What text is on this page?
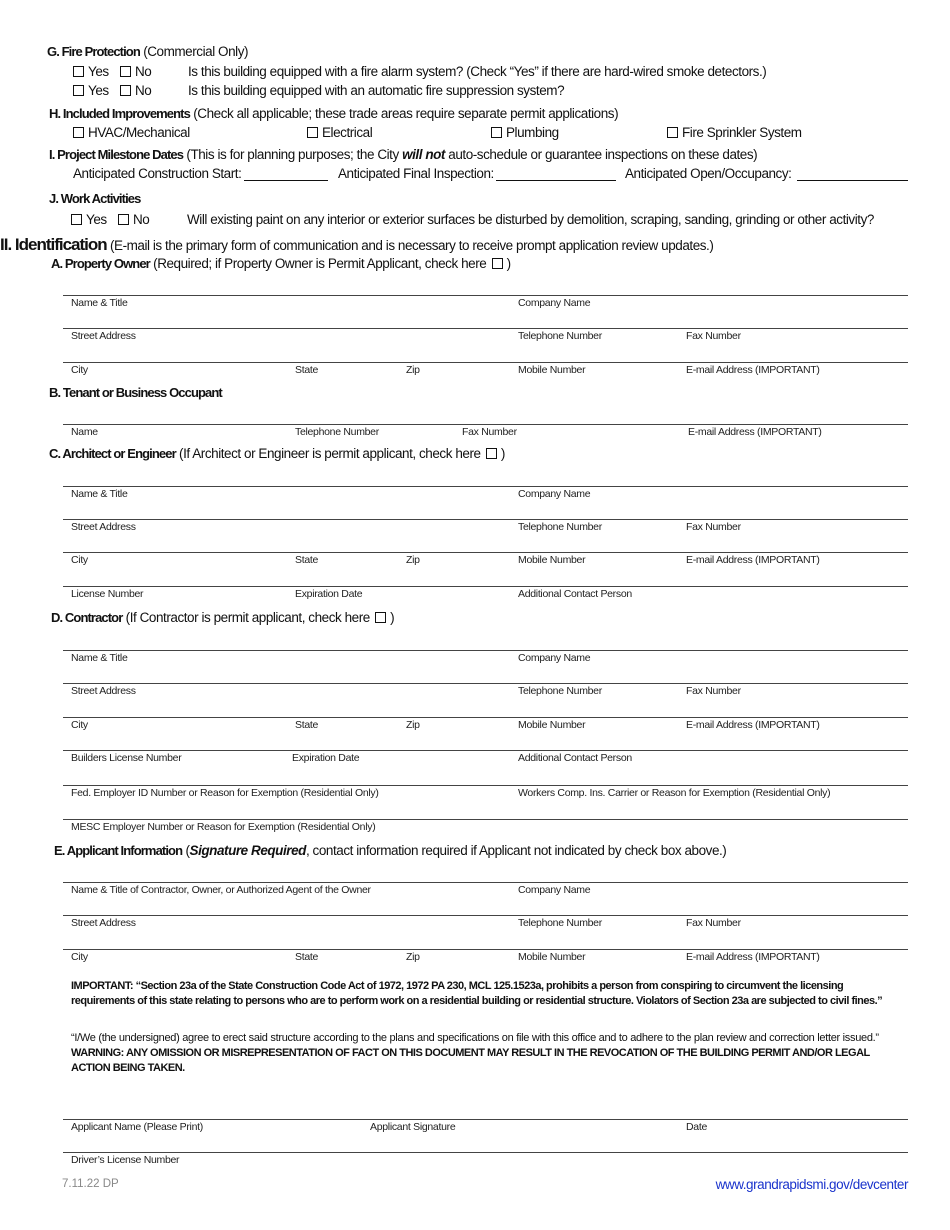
G. Fire Protection (Commercial Only)
Yes	No	Is this building equipped with a fire alarm system? (Check “Yes” if there are hard-wired smoke detectors.)
Yes	No	Is this building equipped with an automatic fire suppression system?
H. Included Improvements (Check all applicable; these trade areas require separate permit applications)
HVAC/Mechanical	Electrical	Plumbing	Fire Sprinkler System
I. Project Milestone Dates (This is for planning purposes; the City will not auto-schedule or guarantee inspections on these dates)
Anticipated Construction Start:	Anticipated Final Inspection:	Anticipated Open/Occupancy:
J. Work Activities
Yes	No	Will existing paint on any interior or exterior surfaces be disturbed by demolition, scraping, sanding, grinding or other activity?
II. Identification (E-mail is the primary form of communication and is necessary to receive prompt application review updates.)
A. Property Owner (Required; if Property Owner is Permit Applicant, check here )
B. Tenant or Business Occupant
C. Architect or Engineer (If Architect or Engineer is permit applicant, check here )
D. Contractor (If Contractor is permit applicant, check here )
E. Applicant Information (Signature Required, contact information required if Applicant not indicated by check box above.)
IMPORTANT: “Section 23a of the State Construction Code Act of 1972, 1972 PA 230, MCL 125.1523a, prohibits a person from conspiring to circumvent the licensing requirements of this state relating to persons who are to perform work on a residential building or residential structure. Violators of Section 23a are subjected to civil fines.”
“I/We (the undersigned) agree to erect said structure according to the plans and specifications on file with this office and to adhere to the plan review and correction letter issued.” WARNING: ANY OMISSION OR MISREPRESENTATION OF FACT ON THIS DOCUMENT MAY RESULT IN THE REVOCATION OF THE BUILDING PERMIT AND/OR LEGAL ACTION BEING TAKEN.
Name & Title	Company Name
Street Address	Telephone Number	Fax Number
City	State	Zip	Mobile Number	E-mail Address (IMPORTANT)
Name	Telephone Number	Fax Number	E-mail Address (IMPORTANT)
Name & Title	Company Name
Street Address	Telephone Number	Fax Number
City	State	Zip	Mobile Number	E-mail Address (IMPORTANT)
License Number	Expiration Date	Additional Contact Person
Name & Title	Company Name
Street Address	Telephone Number	Fax Number
City	State	Zip	Mobile Number	E-mail Address (IMPORTANT)
Builders License Number	Expiration Date	Additional Contact Person
Fed. Employer ID Number or Reason for Exemption (Residential Only)	Workers Comp. Ins. Carrier or Reason for Exemption (Residential Only)
MESC Employer Number or Reason for Exemption (Residential Only)
Name & Title of Contractor, Owner, or Authorized Agent of the Owner	Company Name
Street Address	Telephone Number	Fax Number
City	State	Zip	Mobile Number	E-mail Address (IMPORTANT)
Applicant Name (Please Print)	Applicant Signature	Date
Driver’s License Number
7.11.22 DP	www.grandrapidsmi.gov/devcenter
